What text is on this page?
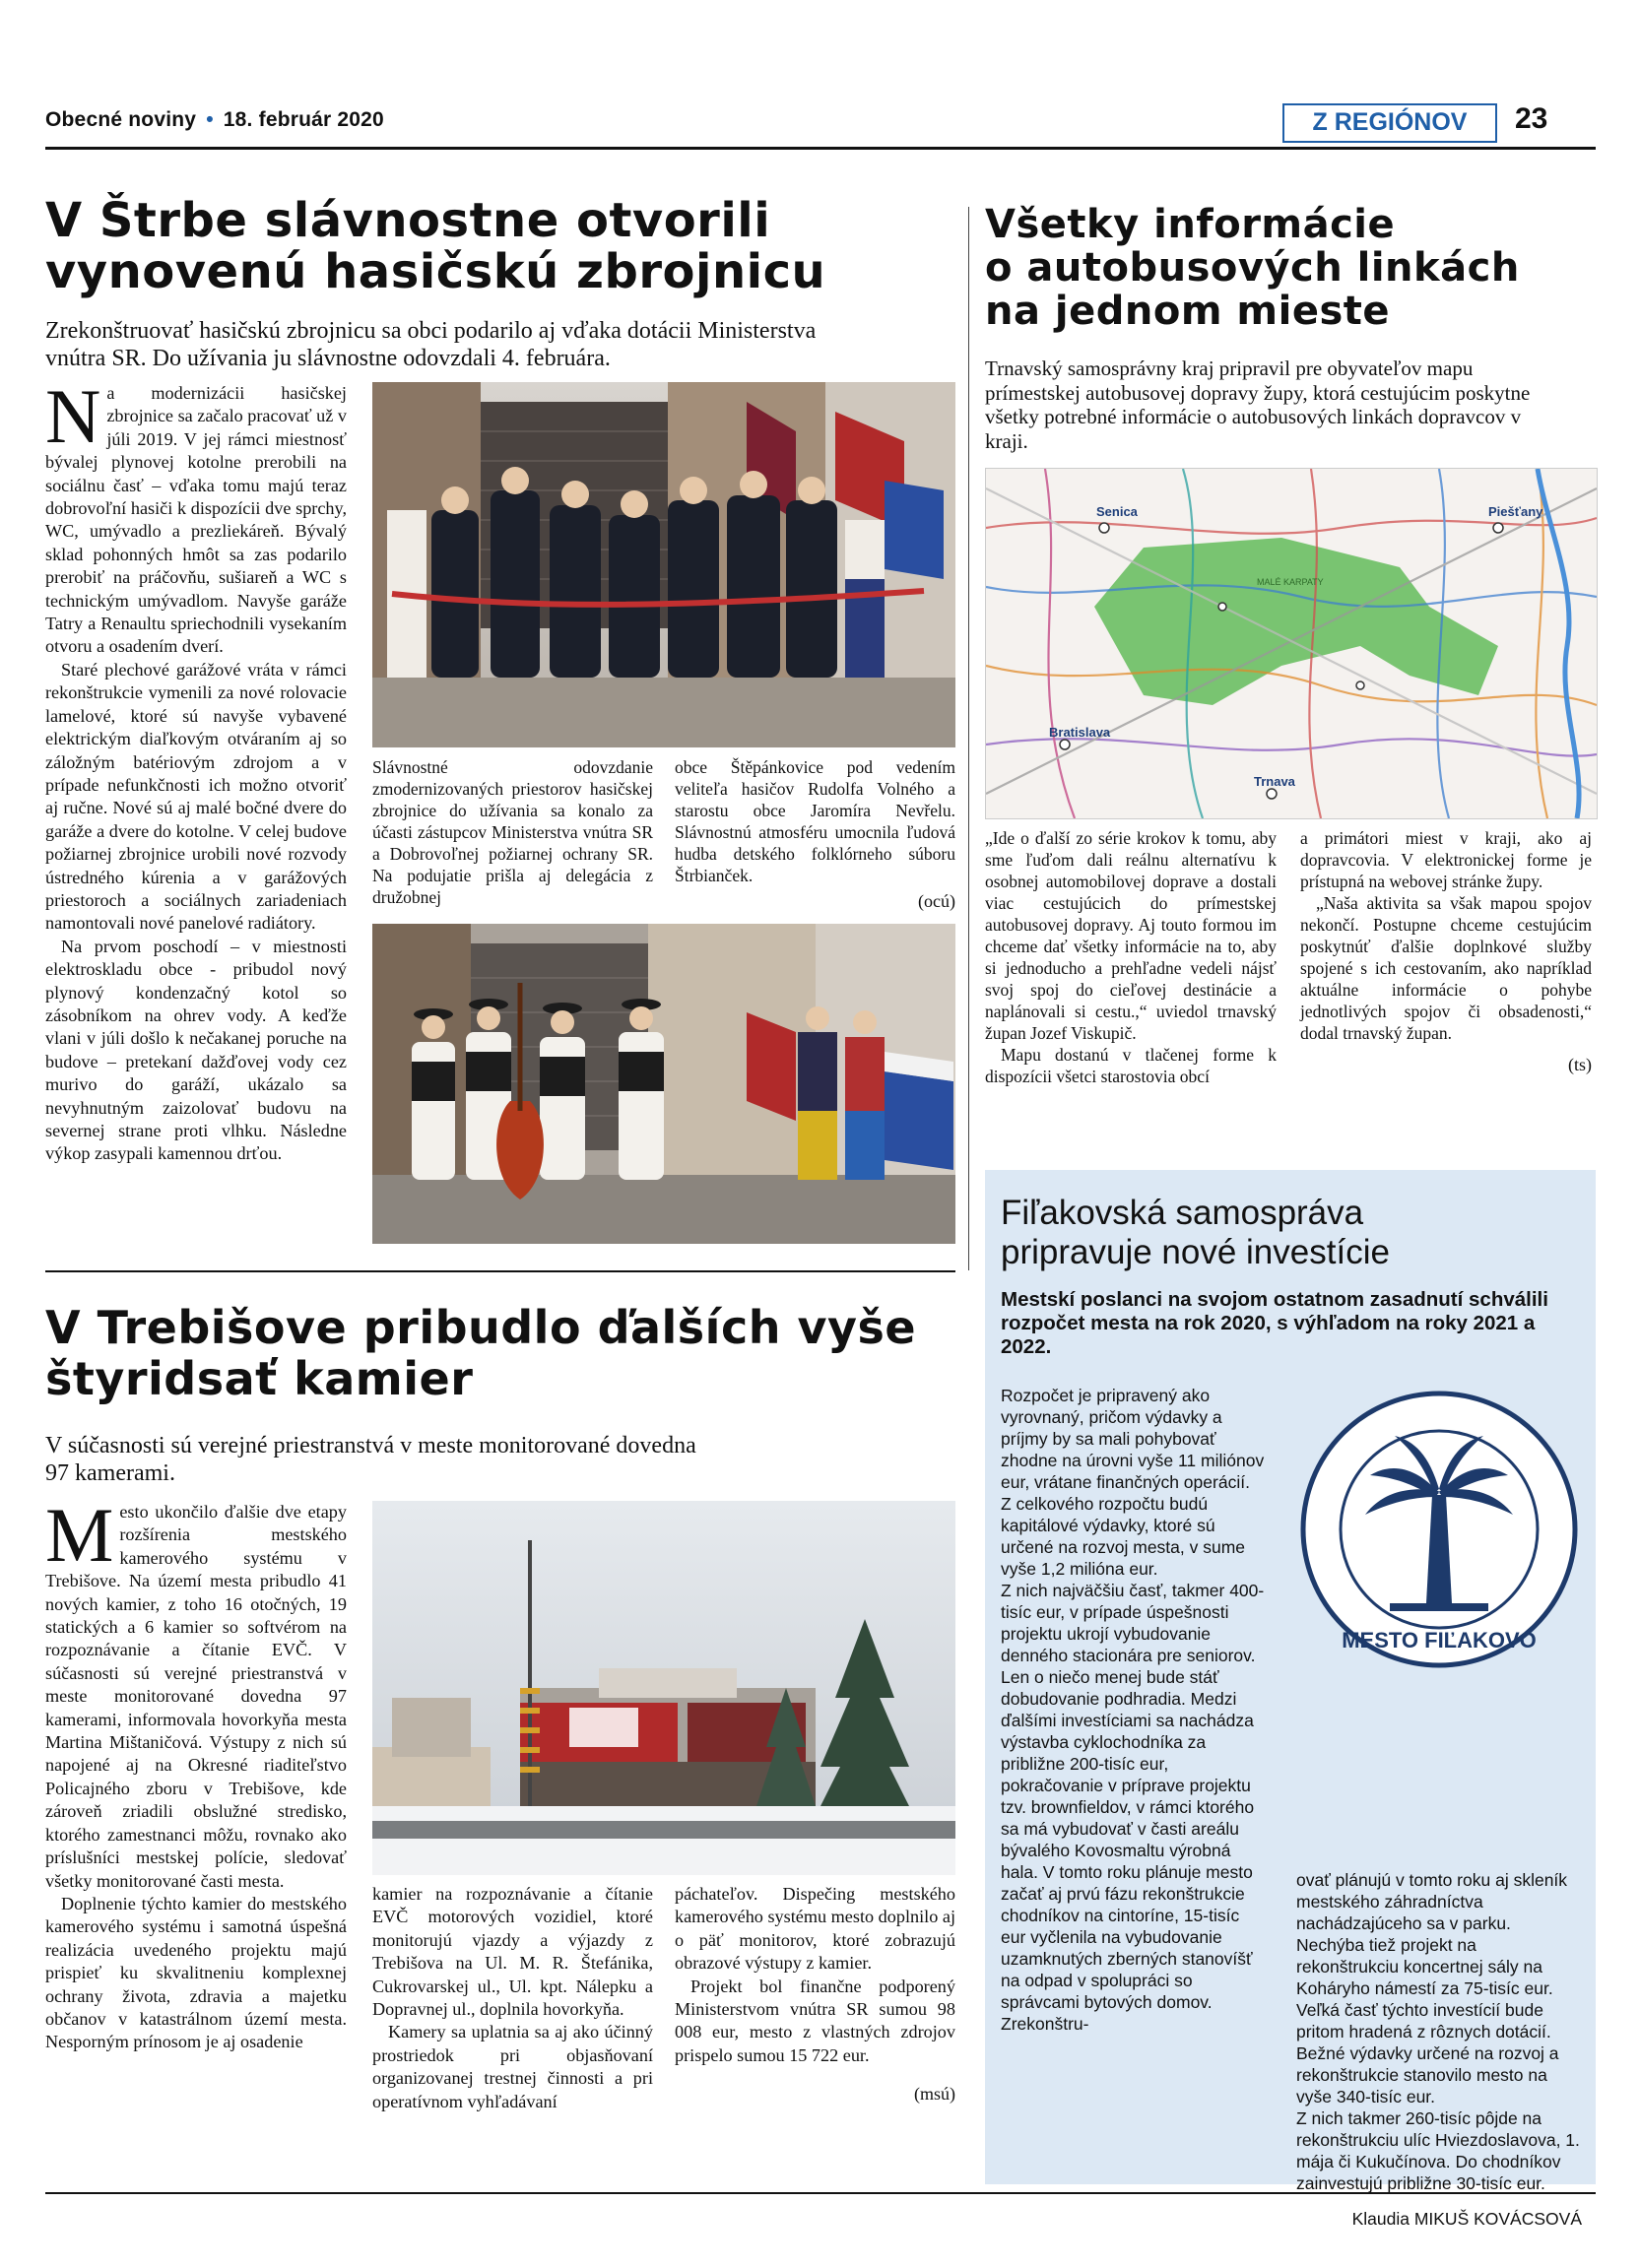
Obecné noviny • 18. február 2020	Z REGIÓNOV	23
V Štrbe slávnostne otvorili
vynovenú hasičskú zbrojnicu
Zrekonštruovať hasičskú zbrojnicu sa obci podarilo aj vďaka dotácii Ministerstva
vnútra SR. Do užívania ju slávnostne odovzdali 4. februára.
N a modernizácii hasičskej zbrojnice sa začalo pracovať už v júli 2019. V jej rámci miestnosť bývalej plynovej kotolne prerobili na sociálnu časť – vďaka tomu majú teraz dobrovoľní hasiči k dispozícii dve sprchy, WC, umývadlo a prezliekáreň. Bývalý sklad pohonných hmôt sa zas podarilo prerobiť na práčovňu, sušiareň a WC s technickým umývadlom. Navyše garáže Tatry a Renaultu spriechodnili vysekaním otvoru a osadením dverí.

Staré plechové garážové vráta v rámci rekonštrukcie vymenili za nové rolovacie lamelové, ktoré sú navyše vybavené elektrickým diaľkovým otváraním aj so záložným batériovým zdrojom a v prípade nefunkčnosti ich možno otvoriť aj ručne. Nové sú aj malé bočné dvere do garáže a dvere do kotolne. V celej budove požiarnej zbrojnice urobili nové rozvody ústredného kúrenia a v garážových priestoroch a sociálnych zariadeniach namontovali nové panelové radiátory.

Na prvom poschodí – v miestnosti elektroskladu obce - pribudol nový plynový kondenzačný kotol so zásobníkom na ohrev vody. A keďže vlani v júli došlo k nečakanej poruche na budove – pretekaní dažďovej vody cez murivo do garáží, ukázalo sa nevyhnutným zaizolovať budovu na severnej strane proti vlhku. Následne výkop zasypali kamennou drťou.

Slávnostné odovzdanie zmodernizovaných priestorov hasičskej zbrojnice do užívania sa konalo za účasti zástupcov Ministerstva vnútra SR a Dobrovoľnej požiarnej ochrany SR. Na podujatie prišla aj delegácia z družobnej
obce Štěpánkovice pod vedením veliteľa hasičov Rudolfa Volného a starostu obce Jaromíra Nevřelu. Slávnostnú atmosféru umocnila ľudová hudba detského folklórneho súboru Štrbianček.
(ocú)
Všetky informácie
o autobusových linkách
na jednom mieste
Trnavský samosprávny kraj pripravil pre obyvateľov mapu prímestskej autobusovej dopravy župy, ktorá cestujúcim poskytne všetky potrebné informácie o autobusových linkách dopravcov v kraji.
Senica	Piešťany
Bratislava
Trnava
MALÉ KARPATY

„Ide o ďalší zo série krokov k tomu, aby sme ľuďom dali reálnu alternatívu k osobnej automobilovej doprave a dostali viac cestujúcich do prímestskej autobusovej dopravy. Aj touto formou im chceme dať všetky informácie na to, aby si jednoducho a prehľadne vedeli nájsť svoj spoj do cieľovej destinácie a naplánovali si cestu.,“ uviedol trnavský župan Jozef Viskupič.

Mapu dostanú v tlačenej forme k dispozícii všetci starostovia obcí

a primátori miest v kraji, ako aj dopravcovia. V elektronickej forme je prístupná na webovej stránke župy.

„Naša aktivita sa však mapou spojov nekončí. Postupne chceme cestujúcim poskytnúť ďalšie doplnkové služby spojené s ich cestovaním, ako napríklad aktuálne informácie o pohybe jednotlivých spojov či obsadenosti,“ dodal trnavský župan.

(ts)
V Trebišove pribudlo ďalších vyše
štyridsať kamier
V súčasnosti sú verejné priestranstvá v meste monitorované dovedna
97 kamerami.
M esto ukončilo ďalšie dve etapy rozšírenia mestského kamerového systému v Trebišove. Na území mesta pribudlo 41 nových kamier, z toho 16 otočných, 19 statických a 6 kamier so softvérom na rozpoznávanie a čítanie EVČ. V súčasnosti sú verejné priestranstvá v meste monitorované dovedna 97 kamerami, informovala hovorkyňa mesta Martina Mištaničová. Výstupy z nich sú napojené aj na Okresné riaditeľstvo Policajného zboru v Trebišove, kde zároveň zriadili obslužné stredisko, ktorého zamestnanci môžu, rovnako ako príslušníci mestskej polície, sledovať všetky monitorované časti mesta.

Doplnenie týchto kamier do mestského kamerového systému i samotná úspešná realizácia uvedeného projektu majú prispieť ku skvalitneniu komplexnej ochrany života, zdravia a majetku občanov v katastrálnom území mesta. Nesporným prínosom je aj osadenie

kamier na rozpoznávanie a čítanie EVČ motorových vozidiel, ktoré monitorujú vjazdy a výjazdy z Trebišova na Ul. M. R. Štefánika, Cukrovarskej ul., Ul. kpt. Nálepku a Dopravnej ul., doplnila hovorkyňa.

Kamery sa uplatnia sa aj ako účinný prostriedok pri objasňovaní organizovanej trestnej činnosti a pri operatívnom vyhľadávaní

páchateľov. Dispečing mestského kamerového systému mesto doplnilo aj o päť monitorov, ktoré zobrazujú obrazové výstupy z kamier.

Projekt bol finančne podporený Ministerstvom vnútra SR sumou 98 008 eur, mesto z vlastných zdrojov prispelo sumou 15 722 eur.

(msú)
Fiľakovská samospráva
pripravuje nové investície
Mestskí poslanci na svojom ostatnom zasadnutí schválili rozpočet mesta na rok 2020, s výhľadom na roky 2021 a 2022.

Rozpočet je pripravený ako vyrovnaný, pričom výdavky a príjmy by sa mali pohybovať zhodne na úrovni vyše 11 miliónov eur, vrátane finančných operácií.

Z celkového rozpočtu budú kapitálové výdavky, ktoré sú určené na rozvoj mesta, v sume vyše 1,2 milióna eur.

Z nich najväčšiu časť, takmer 400-tisíc eur, v prípade úspešnosti projektu ukrojí vybudovanie denného stacionára pre seniorov. Len o niečo menej bude stáť dobudovanie podhradia. Medzi ďalšími investíciami sa nachádza výstavba cyklochodníka za približne 200-tisíc eur, pokračovanie v príprave projektu tzv. brownfieldov, v rámci ktorého sa má vybudovať v časti areálu bývalého Kovosmaltu výrobná hala. V tomto roku plánuje mesto začať aj prvú fázu rekonštrukcie chodníkov na cintoríne, 15-tisíc eur vyčlenila na vybudovanie uzamknutých zberných stanovíšť na odpad v spolupráci so správcami bytových domov. Zrekonštru-

MESTO FIĽAKOVO

ovať plánujú v tomto roku aj skleník mestského záhradníctva nachádzajúceho sa v parku. Nechýba tiež projekt na rekonštrukciu koncertnej sály na Koháryho námestí za 75-tisíc eur. Veľká časť týchto investícií bude pritom hradená z rôznych dotácií.

Bežné výdavky určené na rozvoj a rekonštrukcie stanovilo mesto na vyše 340-tisíc eur.

Z nich takmer 260-tisíc pôjde na rekonštrukciu ulíc Hviezdoslavova, 1. mája či Kukučínova. Do chodníkov zainvestujú približne 30-tisíc eur.

Klaudia MIKUŠ KOVÁCSOVÁ
